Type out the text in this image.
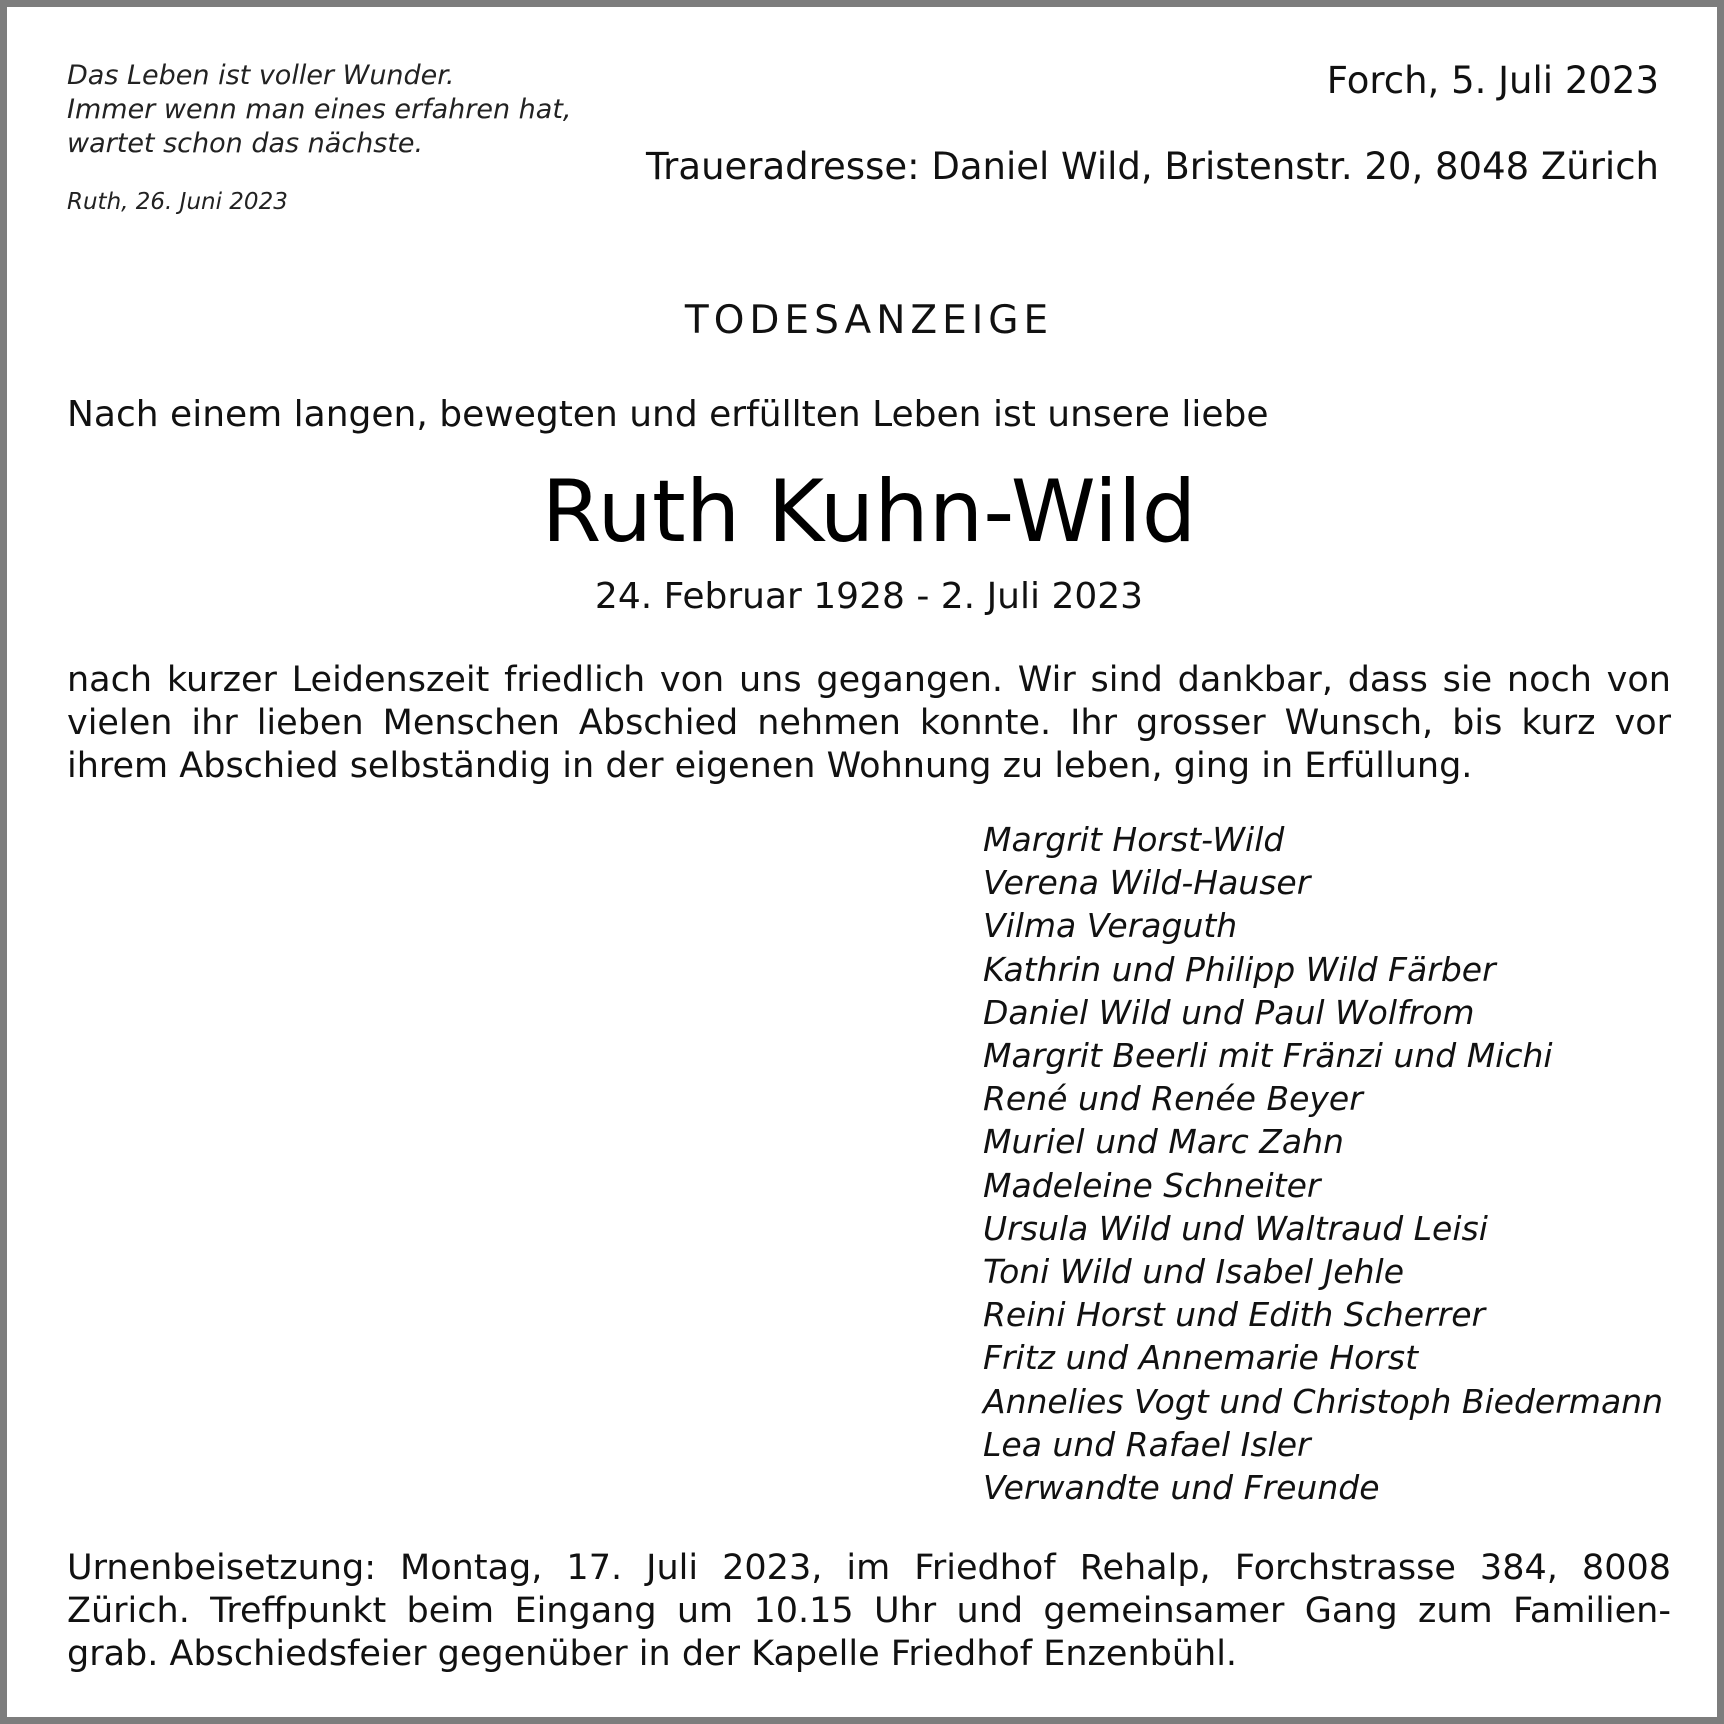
Das Leben ist voller Wunder.
Immer wenn man eines erfahren hat,
wartet schon das nächste.
Ruth, 26. Juni 2023
Forch, 5. Juli 2023
Traueradresse: Daniel Wild, Bristenstr. 20, 8048 Zürich
TODESANZEIGE
Nach einem langen, bewegten und erfüllten Leben ist unsere liebe
Ruth Kuhn-Wild
24. Februar 1928 - 2. Juli 2023
nach kurzer Leidenszeit friedlich von uns gegangen. Wir sind dankbar, dass sie noch von
vielen ihr lieben Menschen Abschied nehmen konnte. Ihr grosser Wunsch, bis kurz vor
ihrem Abschied selbständig in der eigenen Wohnung zu leben, ging in Erfüllung.
Margrit Horst-Wild
Verena Wild-Hauser
Vilma Veraguth
Kathrin und Philipp Wild Färber
Daniel Wild und Paul Wolfrom
Margrit Beerli mit Fränzi und Michi
René und Renée Beyer
Muriel und Marc Zahn
Madeleine Schneiter
Ursula Wild und Waltraud Leisi
Toni Wild und Isabel Jehle
Reini Horst und Edith Scherrer
Fritz und Annemarie Horst
Annelies Vogt und Christoph Biedermann
Lea und Rafael Isler
Verwandte und Freunde
Urnenbeisetzung: Montag, 17. Juli 2023, im Friedhof Rehalp, Forchstrasse 384, 8008
Zürich. Treffpunkt beim Eingang um 10.15 Uhr und gemeinsamer Gang zum Familien-
grab. Abschiedsfeier gegenüber in der Kapelle Friedhof Enzenbühl.
